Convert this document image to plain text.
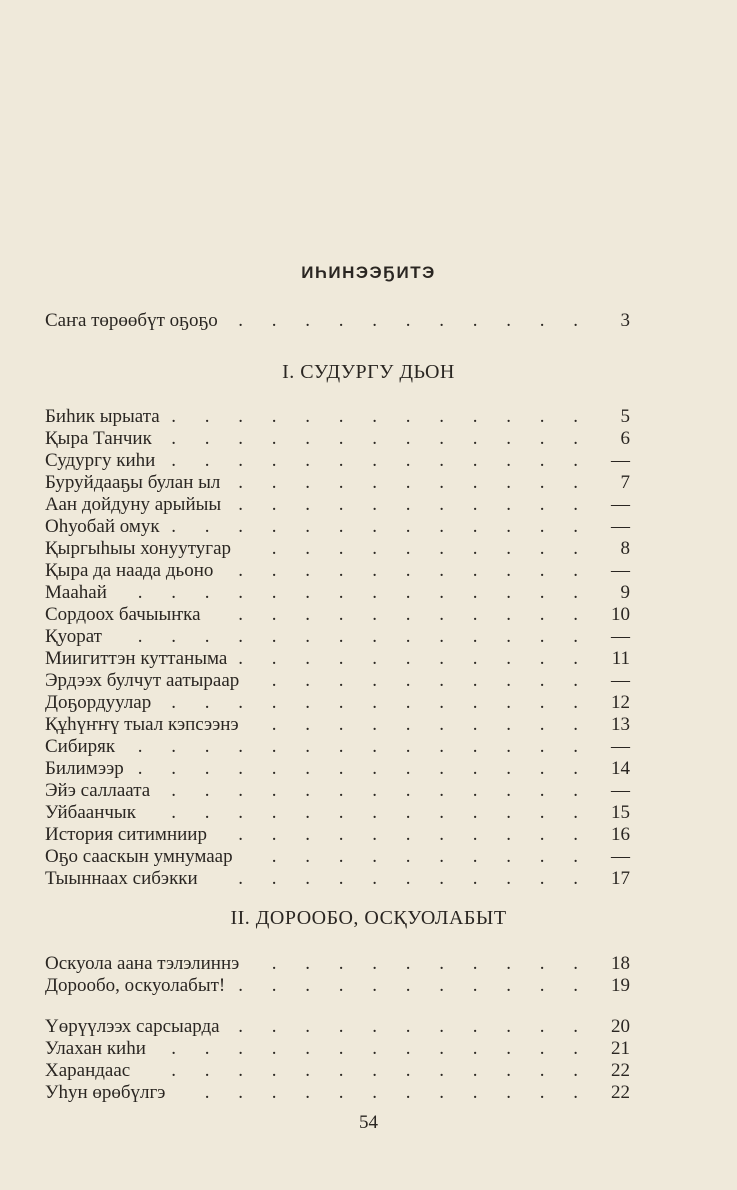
ИҺИНЭЭҔИТЭ
Саҥа төрөөбүт оҕоҕо . . . . . . . . . . .	3
I. СУДУРГУ ДЬОН
Биһик ырыата . . . . . . . . . . . . .	5
Қыра Танчик . . . . . . . . . . . . .	6
Судургу киһи . . . . . . . . . . . . .	—
Буруйдааҕы булан ыл . . . . . . . . . . .	7
Аан дойдуну арыйыы . . . . . . . . . . .	—
Оһуобай омук . . . . . . . . . . . . .	—
Қыргыһыы хонуутугар . . . . . . . . . .	8
Қыра да наада дьоно . . . . . . . . . . .	—
Мааһай . . . . . . . . . . . . . .	9
Сордоох бачыыҥка . . . . . . . . . . .	10
Қуорат . . . . . . . . . . . . . .	—
Миигиттэн куттаныма . . . . . . . . . . .	11
Эрдээх булчут аатыраар . . . . . . . . . .	—
Доҕордуулар . . . . . . . . . . . . .	12
Құһүҥҥү тыал кэпсээнэ . . . . . . . . . .	13
Сибиряк . . . . . . . . . . . . . .	—
Билимээр . . . . . . . . . . . . . .	14
Эйэ саллаата . . . . . . . . . . . . .	—
Уйбаанчык . . . . . . . . . . . . .	15
История ситимниир . . . . . . . . . . .	16
Оҕо сааскын умнумаар . . . . . . . . . .	—
Тыыннаах сибэкки . . . . . . . . . . .	17
II. ДОРООБО, ОСҚУОЛАБЫТ
Оскуола аана тэлэлиннэ . . . . . . . . . .	18
Дорообо, оскуолабыт! . . . . . . . . . . .	19
Үөрүүлээх сарсыарда . . . . . . . . . . .	20
Улахан киһи . . . . . . . . . . . . .	21
Харандаас . . . . . . . . . . . . .	22
Уһун өрөбүлгэ . . . . . . . . . . . .	22
54
